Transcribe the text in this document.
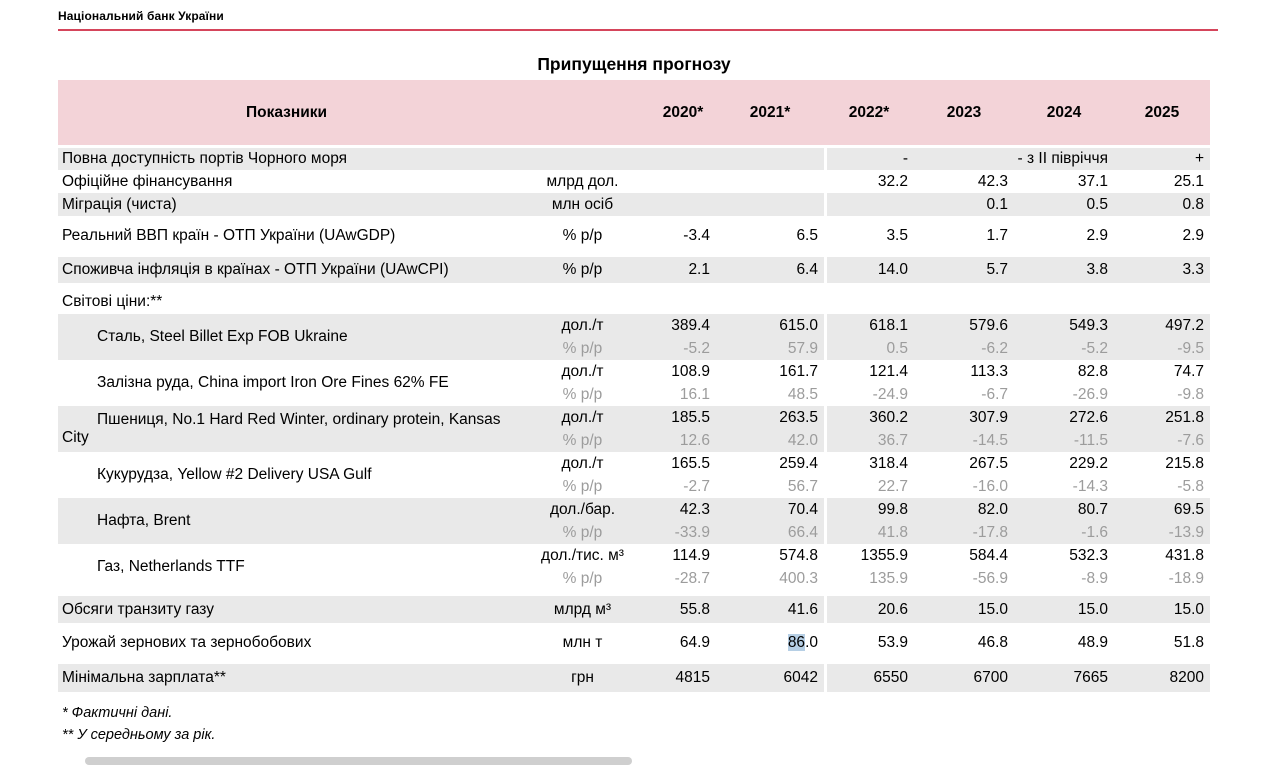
Національний банк України
Припущення прогнозу
Показники		2020*	2021*	2022*	2023	2024	2025

Повна доступність портів Чорного моря				-	- з II півріччя		+
Офіційне фінансування	млрд дол.			32.2	42.3	37.1	25.1
Міграція (чиста)	млн осіб				0.1	0.5	0.8

Реальний ВВП країн - ОТП України (UAwGDP)	% р/р	-3.4	6.5	3.5	1.7	2.9	2.9

Споживча інфляція в країнах - ОТП України (UAwCPI)	% р/р	2.1	6.4	14.0	5.7	3.8	3.3

Світові ціни:**							
Сталь, Steel Billet Exp FOB Ukraine	дол./т	389.4	615.0	618.1	579.6	549.3	497.2
	% р/р	-5.2	57.9	0.5	-6.2	-5.2	-9.5
Залізна руда, China import Iron Ore Fines 62% FE	дол./т	108.9	161.7	121.4	113.3	82.8	74.7
	% р/р	16.1	48.5	-24.9	-6.7	-26.9	-9.8
Пшениця, No.1 Hard Red Winter, ordinary protein, Kansas City	дол./т	185.5	263.5	360.2	307.9	272.6	251.8
	% р/р	12.6	42.0	36.7	-14.5	-11.5	-7.6
Кукурудза, Yellow #2 Delivery USA Gulf	дол./т	165.5	259.4	318.4	267.5	229.2	215.8
	% р/р	-2.7	56.7	22.7	-16.0	-14.3	-5.8
Нафта, Brent	дол./бар.	42.3	70.4	99.8	82.0	80.7	69.5
	% р/р	-33.9	66.4	41.8	-17.8	-1.6	-13.9
Газ, Netherlands TTF	дол./тис. м³	114.9	574.8	1355.9	584.4	532.3	431.8
	% р/р	-28.7	400.3	135.9	-56.9	-8.9	-18.9

Обсяги транзиту газу	млрд м³	55.8	41.6	20.6	15.0	15.0	15.0

Урожай зернових та зернобобових	млн т	64.9	86.0	53.9	46.8	48.9	51.8

Мінімальна зарплата**	грн	4815	6042	6550	6700	7665	8200
* Фактичні дані.
** У середньому за рік.
